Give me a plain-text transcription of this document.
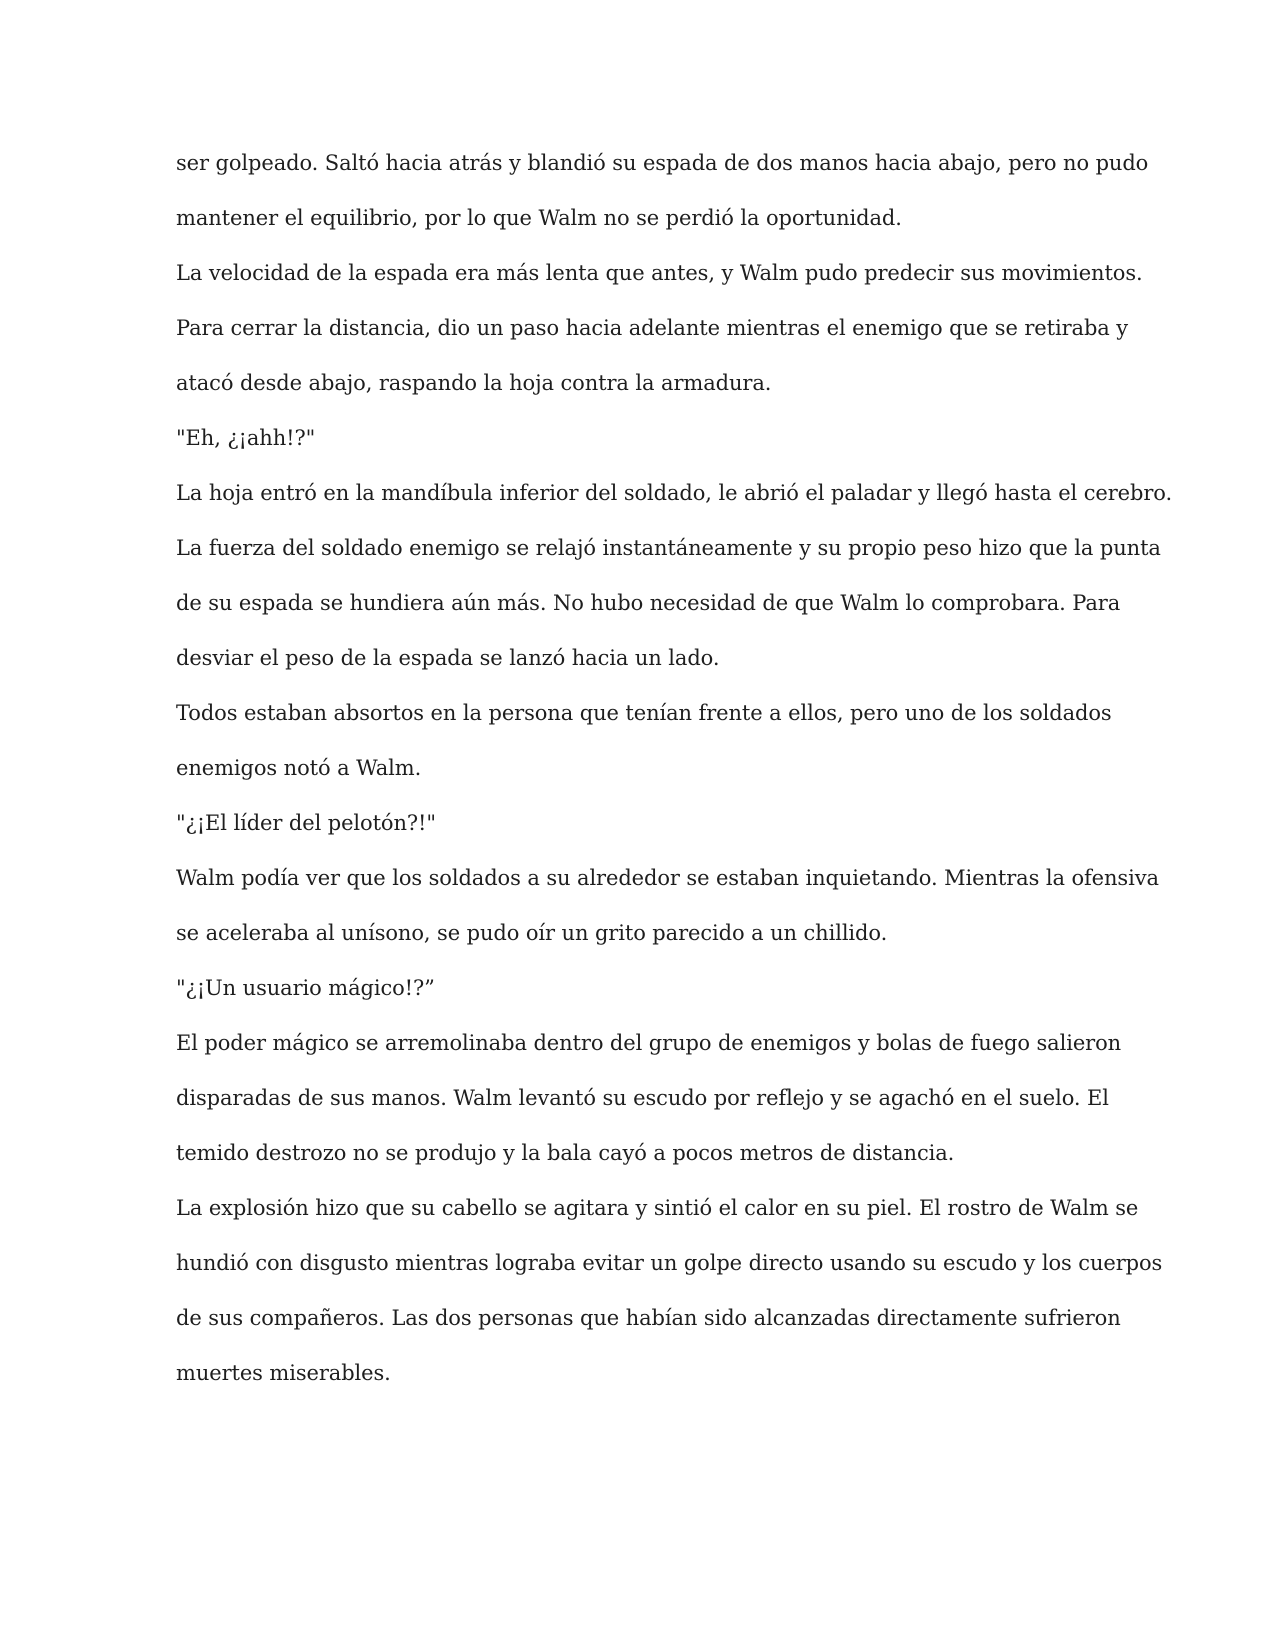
ser golpeado. Saltó hacia atrás y blandió su espada de dos manos hacia abajo, pero no pudo
mantener el equilibrio, por lo que Walm no se perdió la oportunidad.
La velocidad de la espada era más lenta que antes, y Walm pudo predecir sus movimientos.
Para cerrar la distancia, dio un paso hacia adelante mientras el enemigo que se retiraba y
atacó desde abajo, raspando la hoja contra la armadura.
"Eh, ¿¡ahh!?"
La hoja entró en la mandíbula inferior del soldado, le abrió el paladar y llegó hasta el cerebro.
La fuerza del soldado enemigo se relajó instantáneamente y su propio peso hizo que la punta
de su espada se hundiera aún más. No hubo necesidad de que Walm lo comprobara. Para
desviar el peso de la espada se lanzó hacia un lado.
Todos estaban absortos en la persona que tenían frente a ellos, pero uno de los soldados
enemigos notó a Walm.
"¿¡El líder del pelotón?!"
Walm podía ver que los soldados a su alrededor se estaban inquietando. Mientras la ofensiva
se aceleraba al unísono, se pudo oír un grito parecido a un chillido.
"¿¡Un usuario mágico!?”
El poder mágico se arremolinaba dentro del grupo de enemigos y bolas de fuego salieron
disparadas de sus manos. Walm levantó su escudo por reflejo y se agachó en el suelo. El
temido destrozo no se produjo y la bala cayó a pocos metros de distancia.
La explosión hizo que su cabello se agitara y sintió el calor en su piel. El rostro de Walm se
hundió con disgusto mientras lograba evitar un golpe directo usando su escudo y los cuerpos
de sus compañeros. Las dos personas que habían sido alcanzadas directamente sufrieron
muertes miserables.
